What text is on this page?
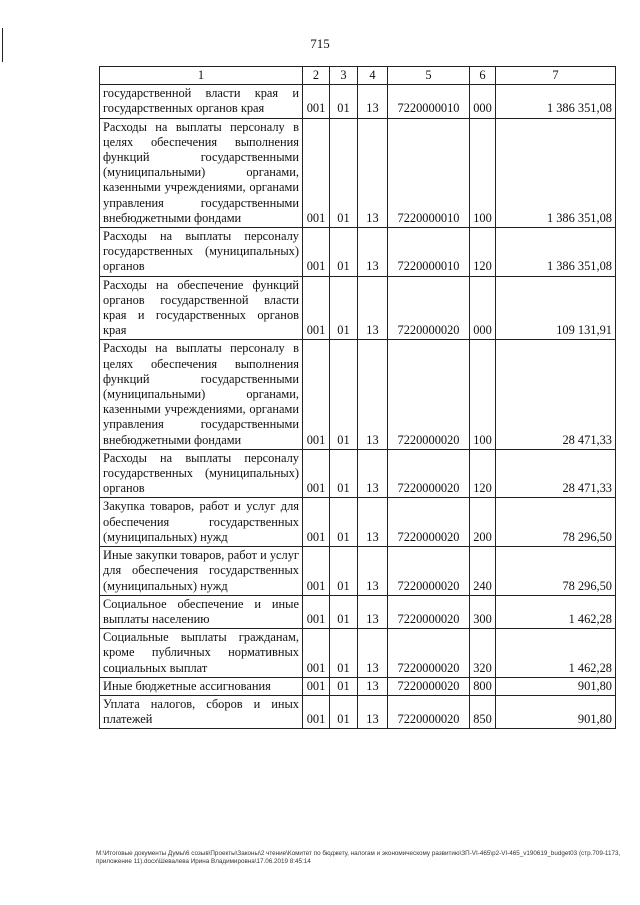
715
1	2	3	4	5	6	7
государственной власти края и государственных органов края	001	01	13	7220000010	000	1 386 351,08
Расходы на выплаты персоналу в целях обеспечения выполнения функций государственными (муниципальными) органами, казенными учреждениями, органами управления государственными внебюджетными фондами	001	01	13	7220000010	100	1 386 351,08
Расходы на выплаты персоналу государственных (муниципальных) органов	001	01	13	7220000010	120	1 386 351,08
Расходы на обеспечение функций органов государственной власти края и государственных органов края	001	01	13	7220000020	000	109 131,91
Расходы на выплаты персоналу в целях обеспечения выполнения функций государственными (муниципальными) органами, казенными учреждениями, органами управления государственными внебюджетными фондами	001	01	13	7220000020	100	28 471,33
Расходы на выплаты персоналу государственных (муниципальных) органов	001	01	13	7220000020	120	28 471,33
Закупка товаров, работ и услуг для обеспечения государственных (муниципальных) нужд	001	01	13	7220000020	200	78 296,50
Иные закупки товаров, работ и услуг для обеспечения государственных (муниципальных) нужд	001	01	13	7220000020	240	78 296,50
Социальное обеспечение и иные выплаты населению	001	01	13	7220000020	300	1 462,28
Социальные выплаты гражданам, кроме публичных нормативных социальных выплат	001	01	13	7220000020	320	1 462,28
Иные бюджетные ассигнования	001	01	13	7220000020	800	901,80
Уплата налогов, сборов и иных платежей	001	01	13	7220000020	850	901,80
M:\Итоговые документы Думы\6 созыв\Проекты\Законы\2 чтение\Комитет по бюджету, налогам и экономическому развитию\ЗП-VI-465\р2-VI-465_v190619_budget03 (стр.709-1173, приложение 11).docx\Шевалева Ирина Владимировна\17.06.2019 8:45:14
